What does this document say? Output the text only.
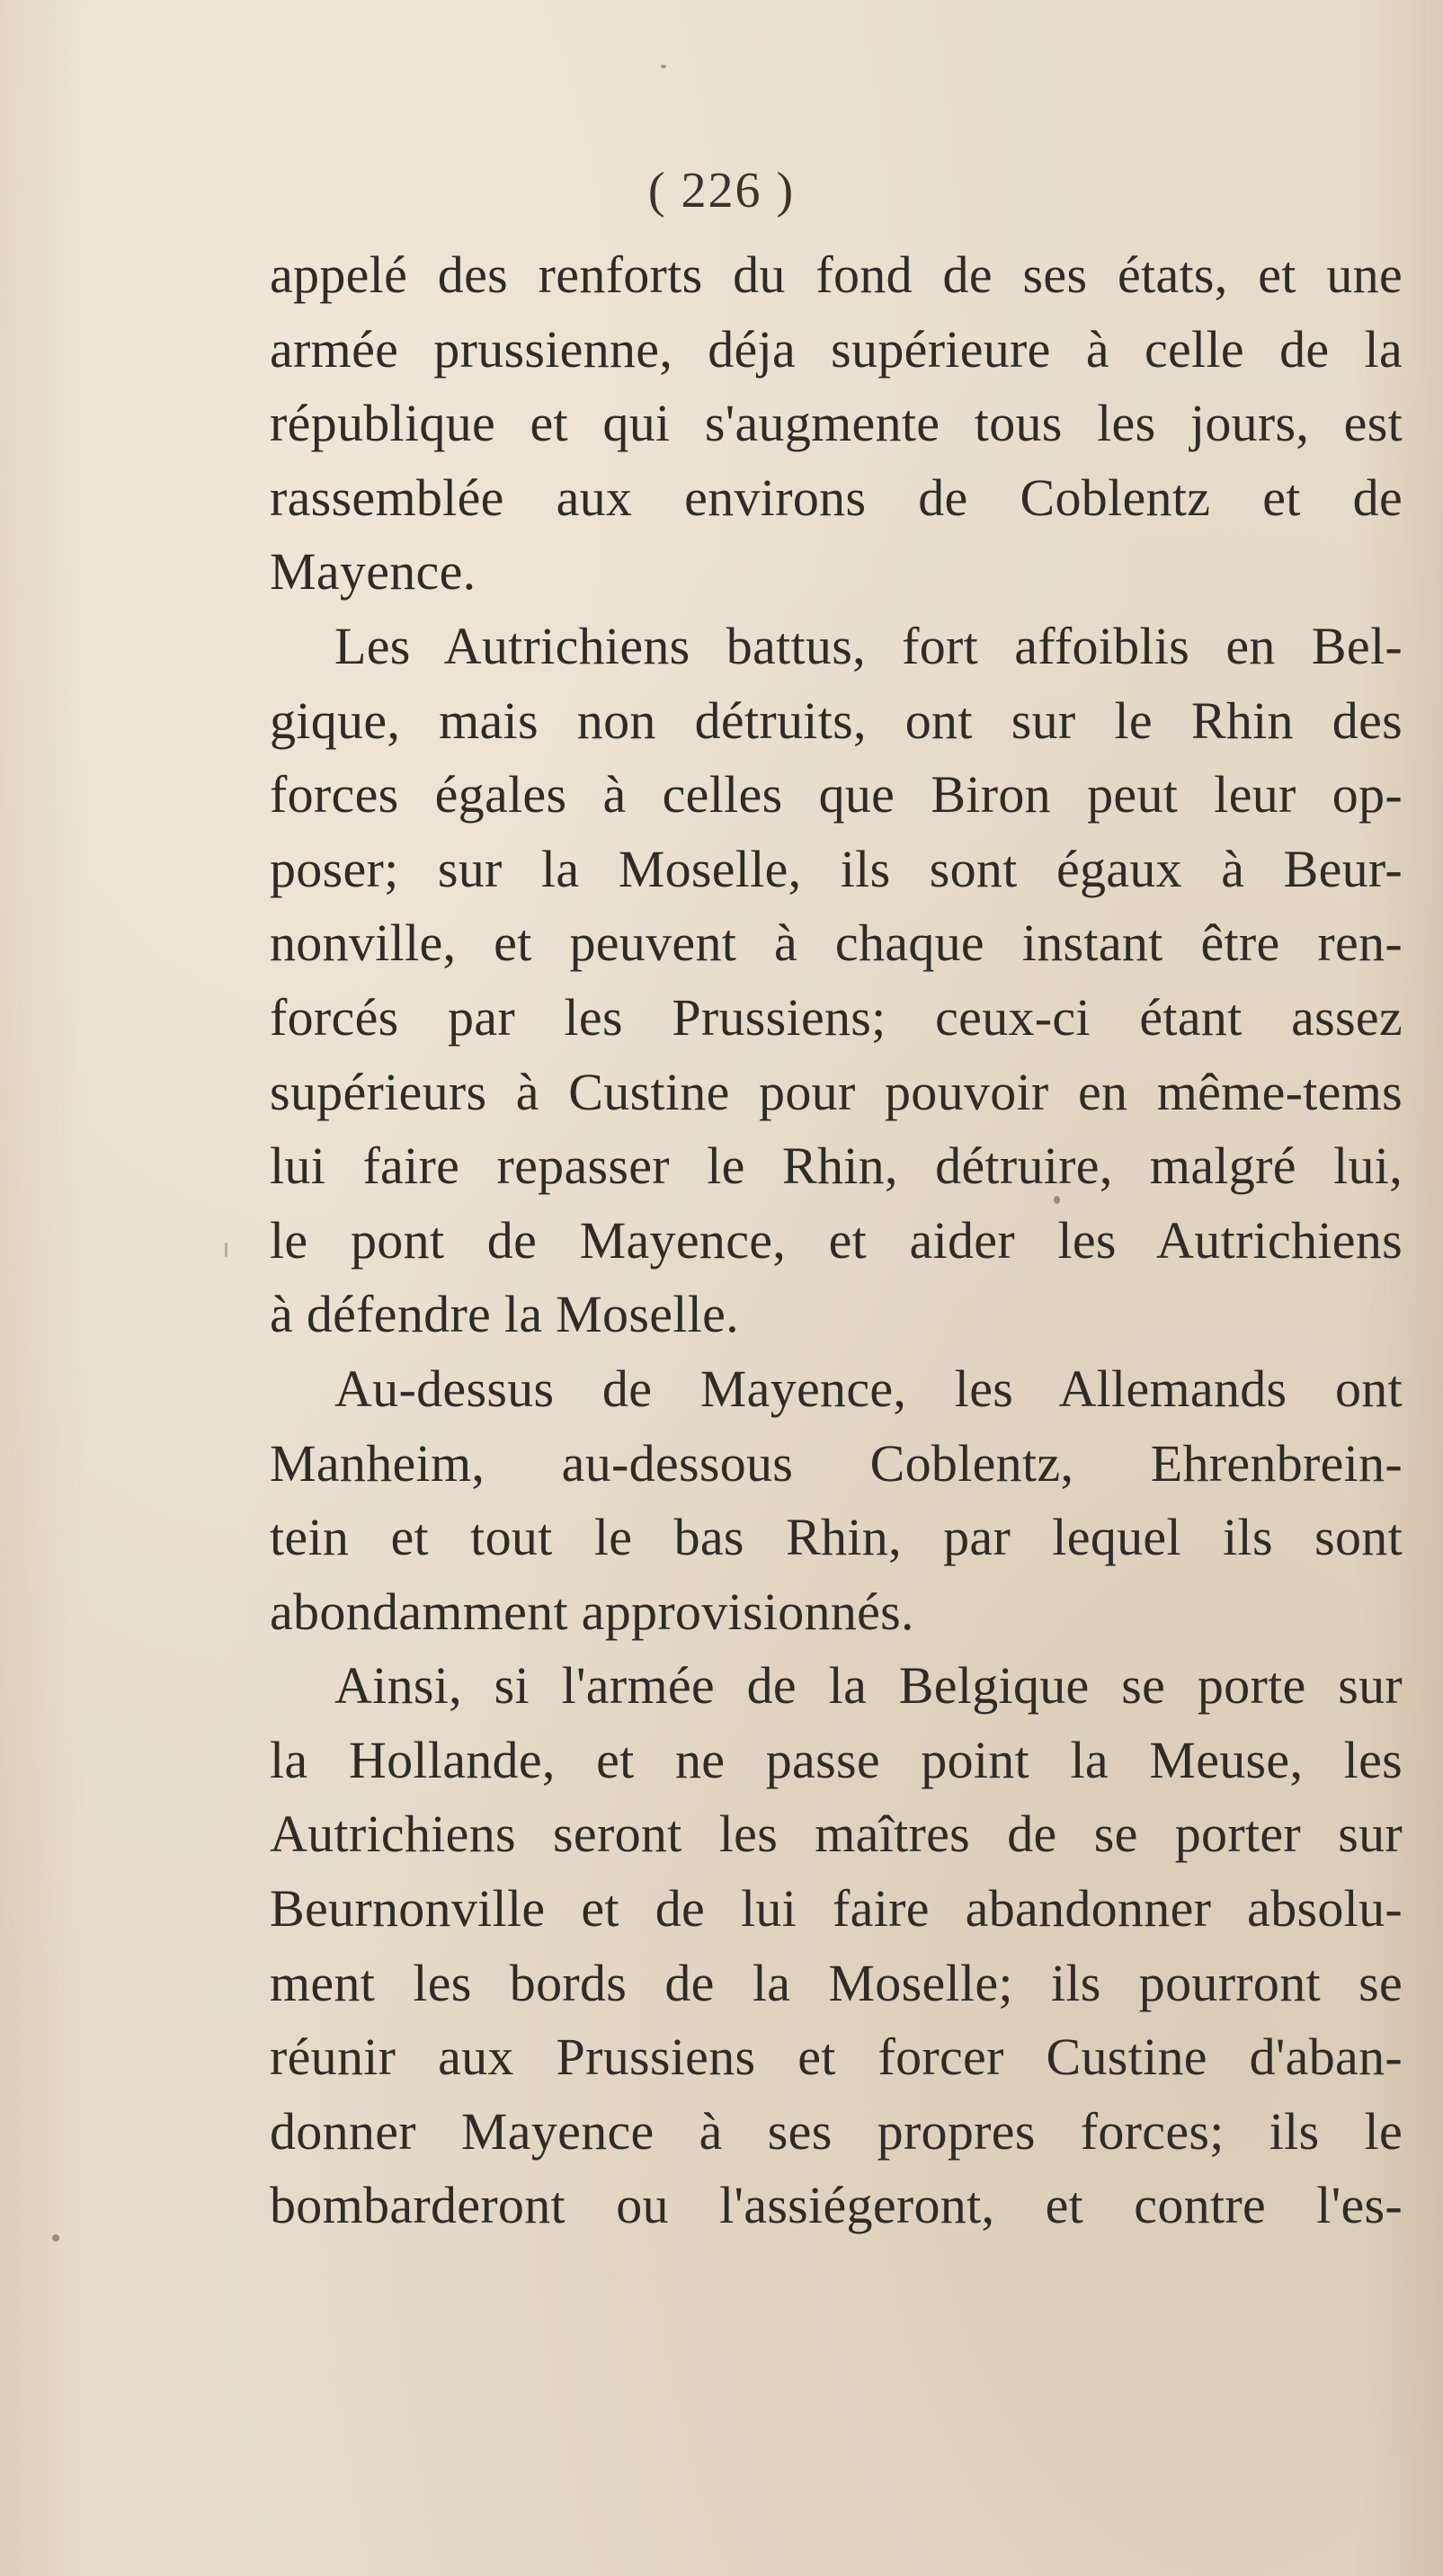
( 226 )
appelé des renforts du fond de ses états, et une
armée prussienne, déja supérieure à celle de la
république et qui s'augmente tous les jours, est
rassemblée aux environs de Coblentz et de
Mayence.
Les Autrichiens battus, fort affoiblis en Bel-
gique, mais non détruits, ont sur le Rhin des
forces égales à celles que Biron peut leur op-
poser; sur la Moselle, ils sont égaux à Beur-
nonville, et peuvent à chaque instant être ren-
forcés par les Prussiens; ceux-ci étant assez
supérieurs à Custine pour pouvoir en même-tems
lui faire repasser le Rhin, détruire, malgré lui,
le pont de Mayence, et aider les Autrichiens
à défendre la Moselle.
Au-dessus de Mayence, les Allemands ont
Manheim, au-dessous Coblentz, Ehrenbrein-
tein et tout le bas Rhin, par lequel ils sont
abondamment approvisionnés.
Ainsi, si l'armée de la Belgique se porte sur
la Hollande, et ne passe point la Meuse, les
Autrichiens seront les maîtres de se porter sur
Beurnonville et de lui faire abandonner absolu-
ment les bords de la Moselle; ils pourront se
réunir aux Prussiens et forcer Custine d'aban-
donner Mayence à ses propres forces; ils le
bombarderont ou l'assiégeront, et contre l'es-
